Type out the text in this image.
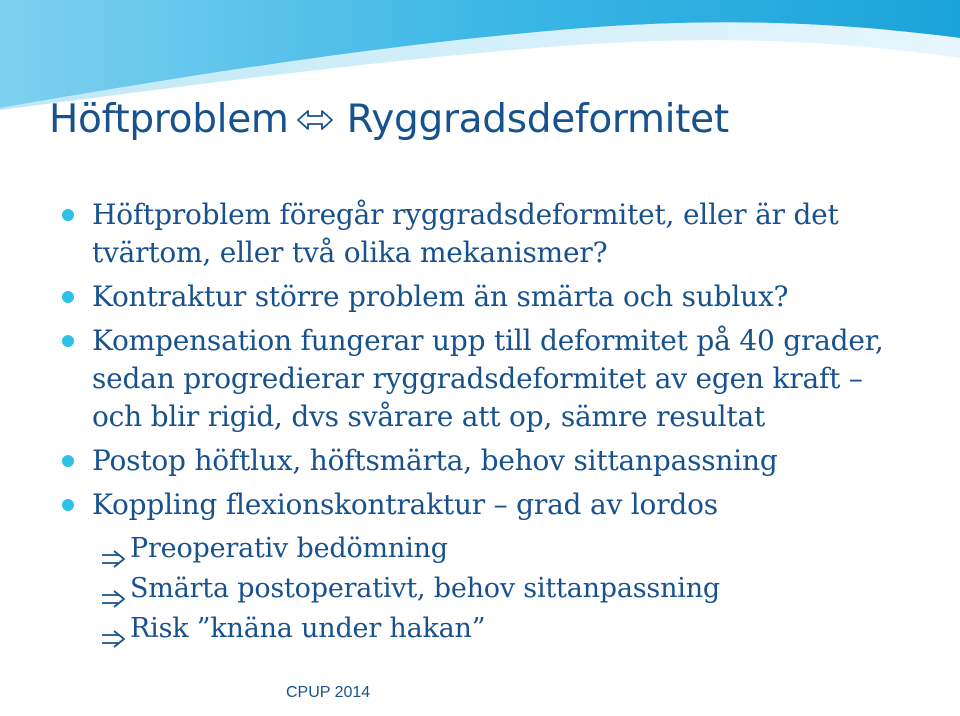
Höftproblem Ryggradsdeformitet
Höftproblem föregår ryggradsdeformitet, eller är det tvärtom, eller två olika mekanismer?
Kontraktur större problem än smärta och sublux?
Kompensation fungerar upp till deformitet på 40 grader, sedan progredierar ryggradsdeformitet av egen kraft – och blir rigid, dvs svårare att op, sämre resultat
Postop höftlux, höftsmärta, behov sittanpassning
Koppling flexionskontraktur – grad av lordos
Preoperativ bedömning
Smärta postoperativt, behov sittanpassning
Risk ”knäna under hakan”
CPUP 2014
